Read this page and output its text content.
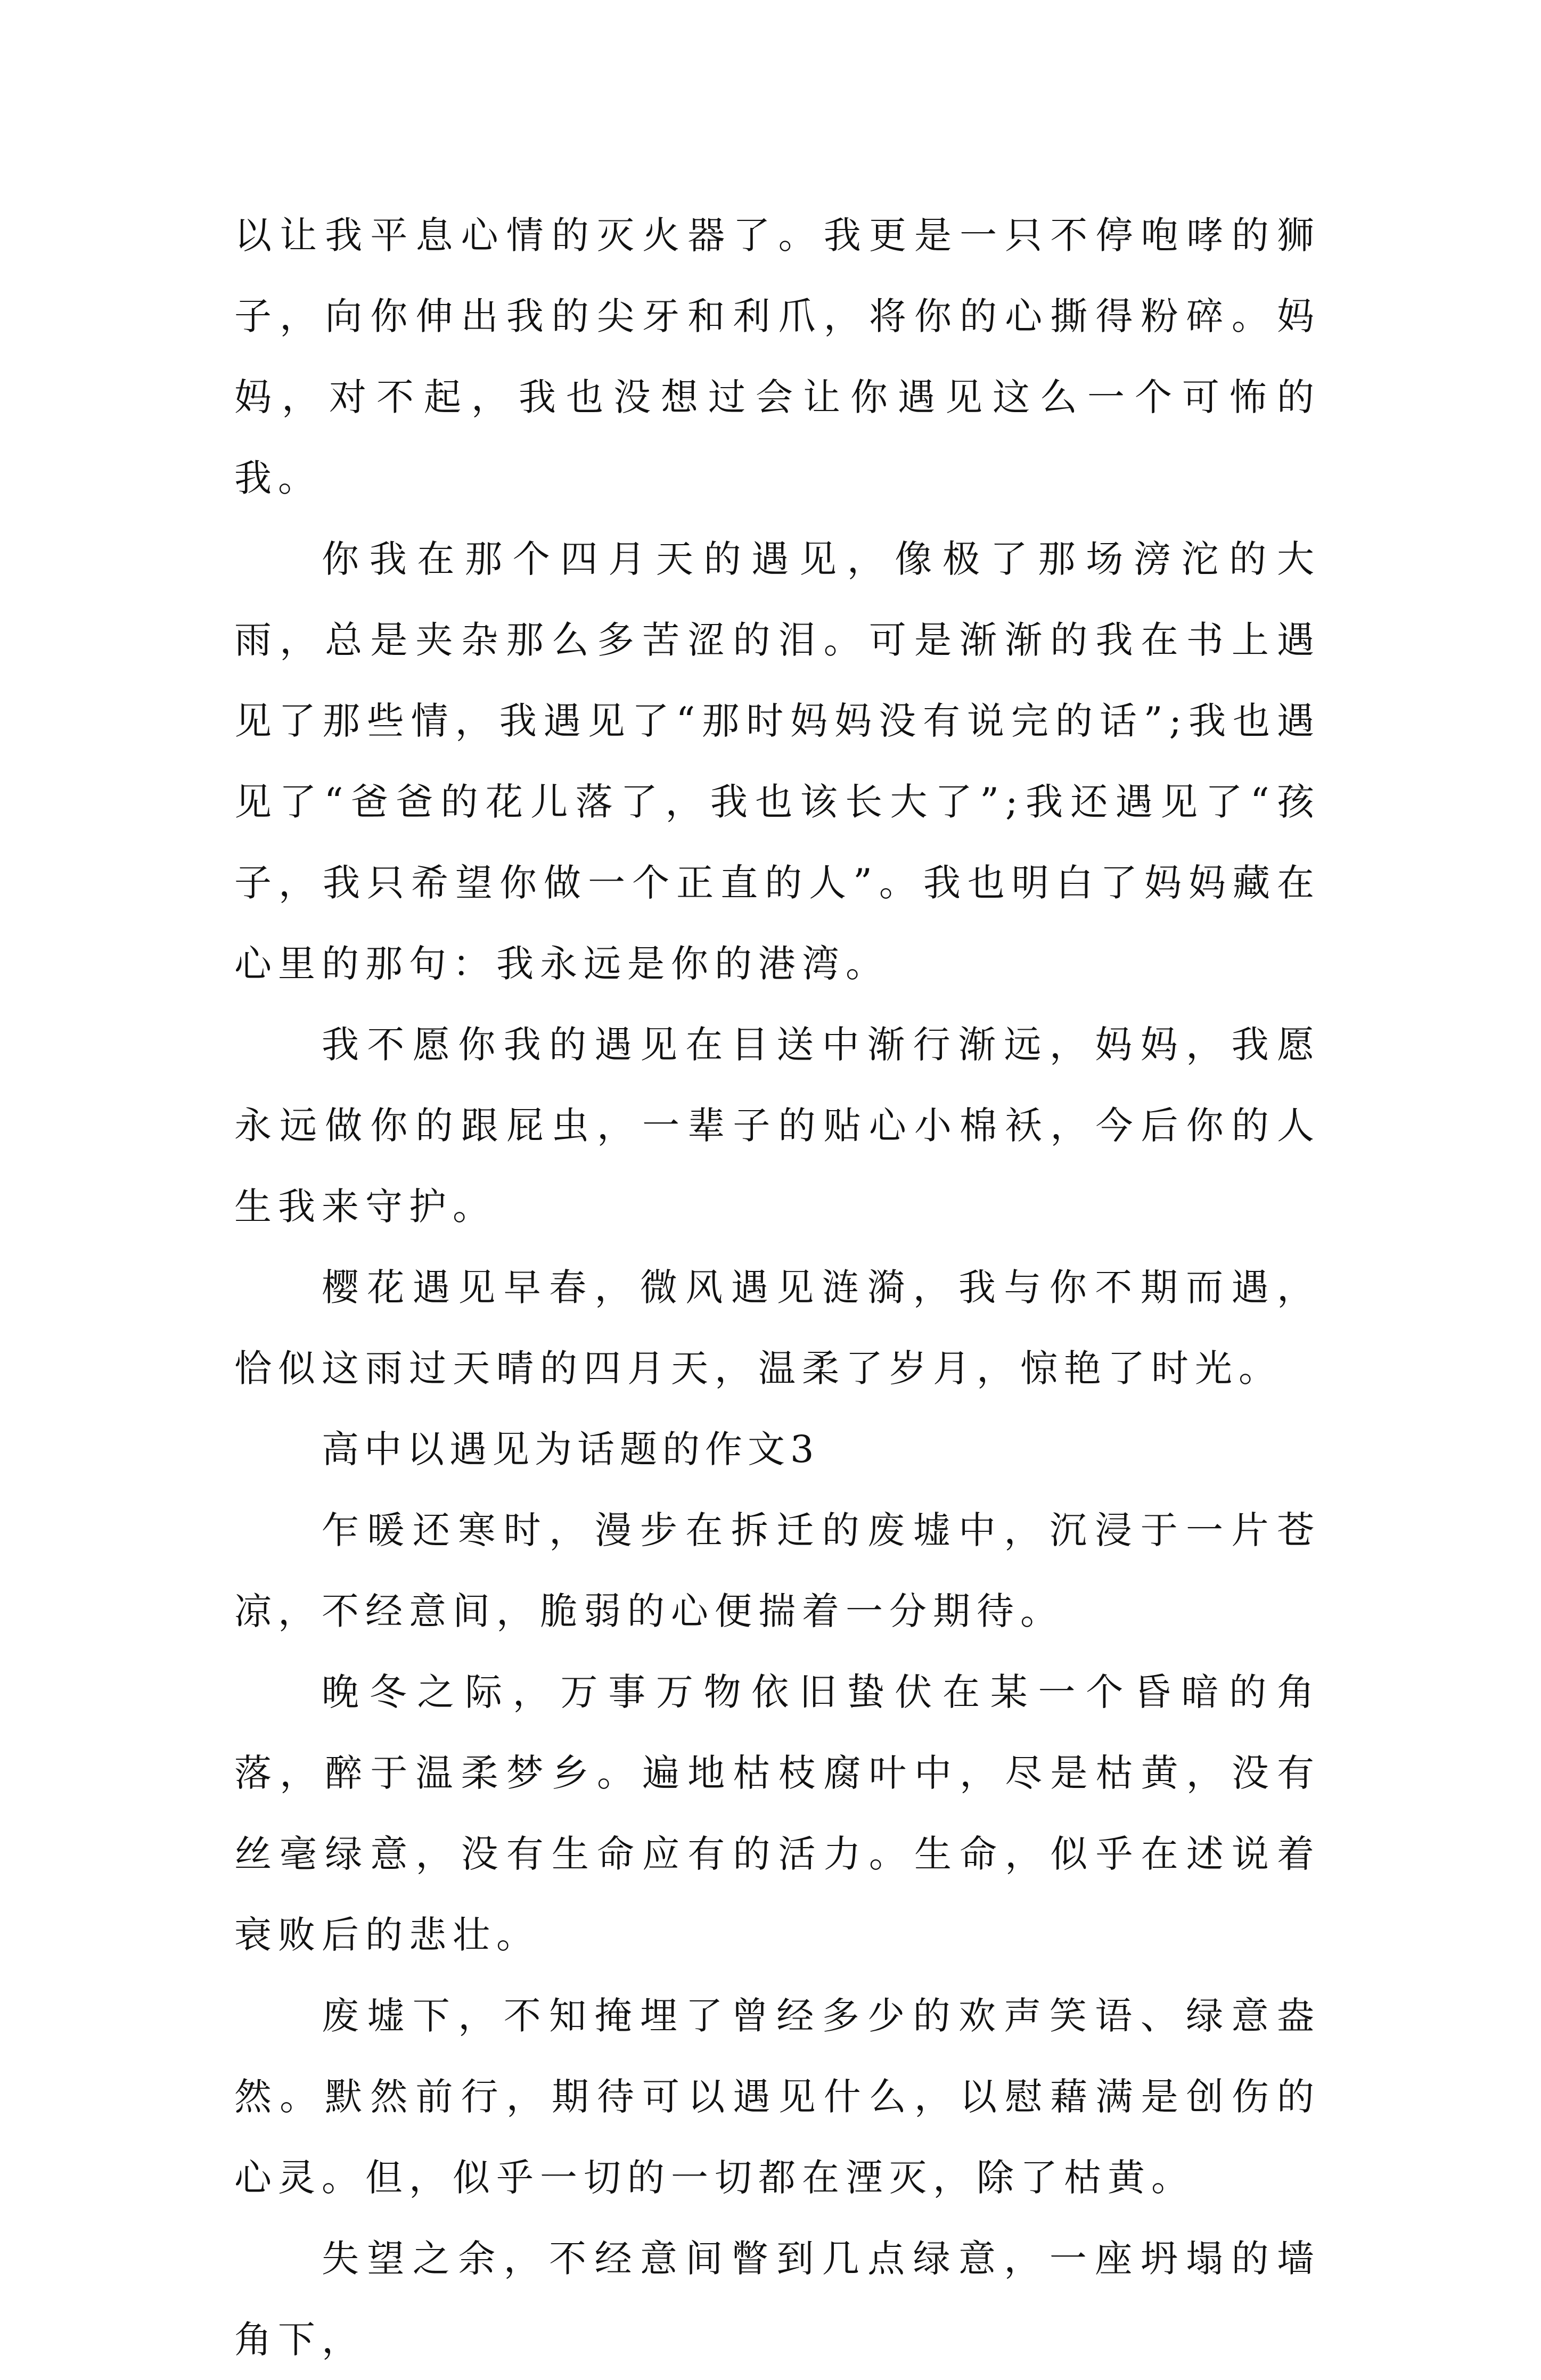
以让我平息心情的灭火器了。我更是一只不停咆哮的狮子，向你伸出我的尖牙和利爪，将你的心撕得粉碎。妈妈，对不起，我也没想过会让你遇见这么一个可怖的我。

你我在那个四月天的遇见，像极了那场滂沱的大雨，总是夹杂那么多苦涩的泪。可是渐渐的我在书上遇见了那些情，我遇见了“那时妈妈没有说完的话”;我也遇见了“爸爸的花儿落了，我也该长大了”;我还遇见了“孩子，我只希望你做一个正直的人”。我也明白了妈妈藏在心里的那句：我永远是你的港湾。

我不愿你我的遇见在目送中渐行渐远，妈妈，我愿永远做你的跟屁虫，一辈子的贴心小棉袄，今后你的人生我来守护。

樱花遇见早春，微风遇见涟漪，我与你不期而遇，恰似这雨过天晴的四月天，温柔了岁月，惊艳了时光。

高中以遇见为话题的作文3

乍暖还寒时，漫步在拆迁的废墟中，沉浸于一片苍凉，不经意间，脆弱的心便揣着一分期待。

晚冬之际，万事万物依旧蛰伏在某一个昏暗的角落，醉于温柔梦乡。遍地枯枝腐叶中，尽是枯黄，没有丝毫绿意，没有生命应有的活力。生命，似乎在述说着衰败后的悲壮。

废墟下，不知掩埋了曾经多少的欢声笑语、绿意盎然。默然前行，期待可以遇见什么，以慰藉满是创伤的心灵。但，似乎一切的一切都在湮灭，除了枯黄。

失望之余，不经意间瞥到几点绿意，一座坍塌的墙角下，
